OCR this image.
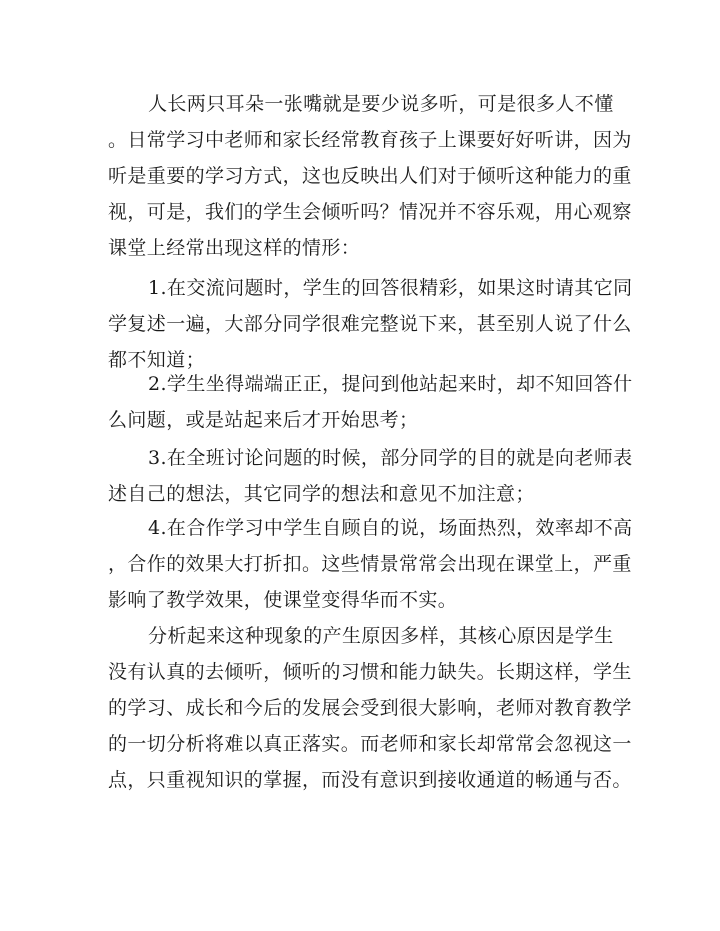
人长两只耳朵一张嘴就是要少说多听，可是很多人不懂
。日常学习中老师和家长经常教育孩子上课要好好听讲，因为
听是重要的学习方式，这也反映出人们对于倾听这种能力的重
视，可是，我们的学生会倾听吗？情况并不容乐观，用心观察
课堂上经常出现这样的情形：
1.在交流问题时，学生的回答很精彩，如果这时请其它同
学复述一遍，大部分同学很难完整说下来，甚至别人说了什么
都不知道；
2.学生坐得端端正正，提问到他站起来时，却不知回答什
么问题，或是站起来后才开始思考；
3.在全班讨论问题的时候，部分同学的目的就是向老师表
述自己的想法，其它同学的想法和意见不加注意；
4.在合作学习中学生自顾自的说，场面热烈，效率却不高
，合作的效果大打折扣。这些情景常常会出现在课堂上，严重
影响了教学效果，使课堂变得华而不实。
分析起来这种现象的产生原因多样，其核心原因是学生
没有认真的去倾听，倾听的习惯和能力缺失。长期这样，学生
的学习、成长和今后的发展会受到很大影响，老师对教育教学
的一切分析将难以真正落实。而老师和家长却常常会忽视这一
点，只重视知识的掌握，而没有意识到接收通道的畅通与否。
